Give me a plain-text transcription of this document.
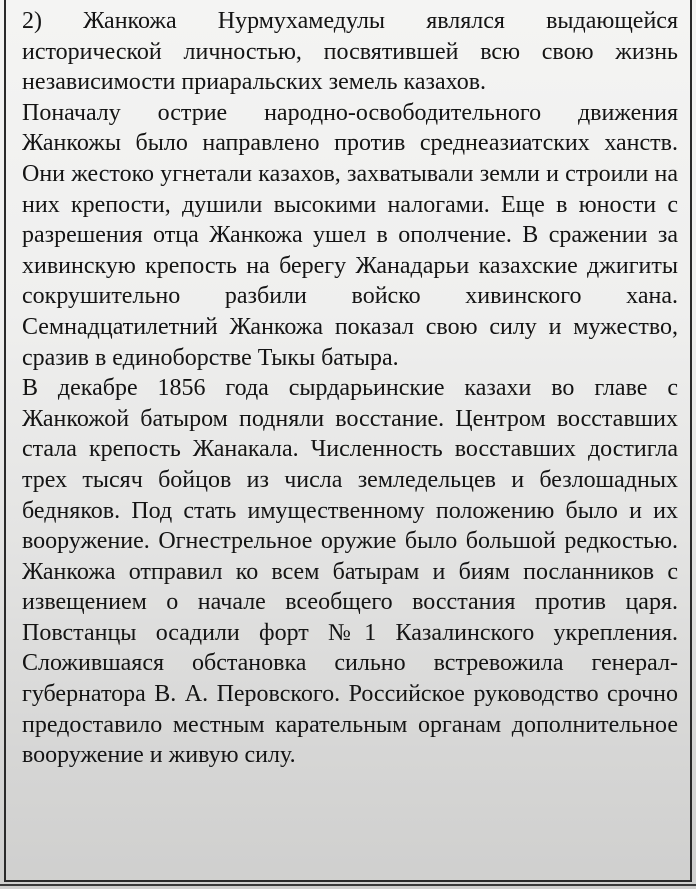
2) Жанкожа Нурмухамедулы являлся выдающейся исторической личностью, посвятившей всю свою жизнь независимости приаральских земель казахов.

Поначалу острие народно-освободительного движения Жанкожы было направлено против среднеазиатских ханств. Они жестоко угнетали казахов, захватывали земли и строили на них крепости, душили высокими налогами. Еще в юности с разрешения отца Жанкожа ушел в ополчение. В сражении за хивинскую крепость на берегу Жанадарьи казахские джигиты сокрушительно разбили войско хивинского хана. Семнадцатилетний Жанкожа показал свою силу и мужество, сразив в единоборстве Тыкы батыра.

В декабре 1856 года сырдарьинские казахи во главе с Жанкожой батыром подняли восстание. Центром восставших стала крепость Жанакала. Численность восставших достигла трех тысяч бойцов из числа земледельцев и безлошадных бедняков. Под стать имущественному положению было и их вооружение. Огнестрельное оружие было большой редкостью. Жанкожа отправил ко всем батырам и биям посланников с извещением о начале всеобщего восстания против царя. Повстанцы осадили форт №1 Казалинского укрепления. Сложившаяся обстановка сильно встревожила генерал-губернатора В. А. Перовского. Российское руководство срочно предоставило местным карательным органам дополнительное вооружение и живую силу.
